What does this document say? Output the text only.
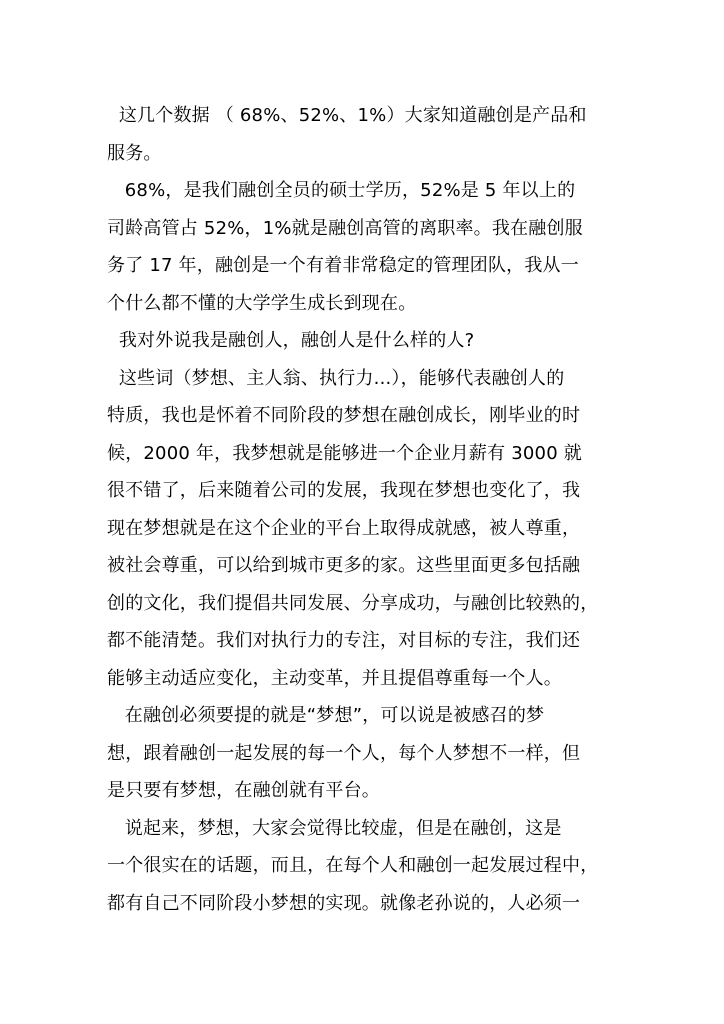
这几个数据 （ 68%、52%、1%）大家知道融创是产品和
服务。
68%，是我们融创全员的硕士学历，52%是 5 年以上的
司龄高管占 52%，1%就是融创高管的离职率。我在融创服
务了 17 年，融创是一个有着非常稳定的管理团队，我从一
个什么都不懂的大学学生成长到现在。
我对外说我是融创人，融创人是什么样的人?
这些词（梦想、主人翁、执行力...），能够代表融创人的
特质，我也是怀着不同阶段的梦想在融创成长，刚毕业的时
候，2000 年，我梦想就是能够进一个企业月薪有 3000 就
很不错了，后来随着公司的发展，我现在梦想也变化了，我
现在梦想就是在这个企业的平台上取得成就感，被人尊重，
被社会尊重，可以给到城市更多的家。这些里面更多包括融
创的文化，我们提倡共同发展、分享成功，与融创比较熟的，
都不能清楚。我们对执行力的专注，对目标的专注，我们还
能够主动适应变化，主动变革，并且提倡尊重每一个人。
在融创必须要提的就是“梦想”，可以说是被感召的梦
想，跟着融创一起发展的每一个人，每个人梦想不一样，但
是只要有梦想，在融创就有平台。
说起来，梦想，大家会觉得比较虚，但是在融创，这是
一个很实在的话题，而且，在每个人和融创一起发展过程中，
都有自己不同阶段小梦想的实现。就像老孙说的，人必须一
